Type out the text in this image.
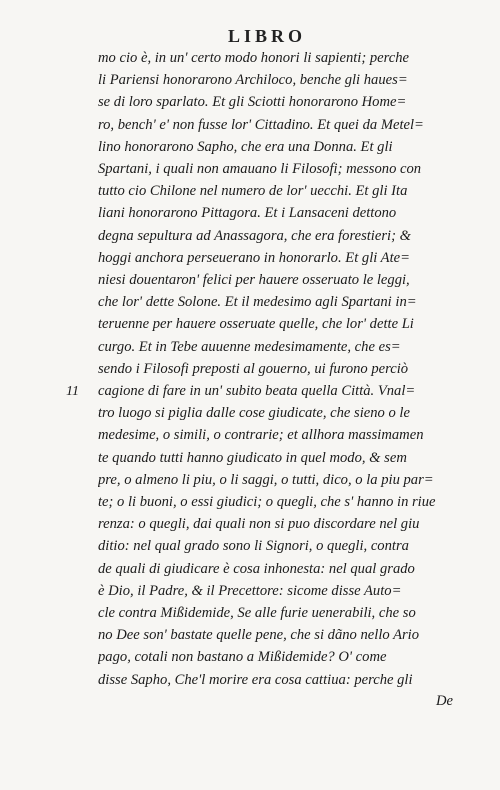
LIBRO
11
mo cio è, in un' certo modo honori li sapienti; perche
li Pariensi honorarono Archiloco, benche gli haues=
se di loro sparlato. Et gli Sciotti honorarono Home=
ro, bench' e' non fusse lor' Cittadino. Et quei da Metel=
lino honorarono Sapho, che era una Donna. Et gli
Spartani, i quali non amauano li Filosofi; messono con
tutto cio Chilone nel numero de lor' uecchi. Et gli Ita
liani honorarono Pittagora. Et i Lansaceni dettono
degna sepultura ad Anassagora, che era forestieri; &
hoggi anchora perseuerano in honorarlo. Et gli Ate=
niesi douentaron' felici per hauere osseruato le leggi,
che lor' dette Solone. Et il medesimo agli Spartani in=
teruenne per hauere osseruate quelle, che lor' dette Li
curgo. Et in Tebe auuenne medesimamente, che es=
sendo i Filosofi preposti al gouerno, ui furono perciò
cagione di fare in un' subito beata quella Città. Vnal=
tro luogo si piglia dalle cose giudicate, che sieno o le
medesime, o simili, o contrarie; et allhora massimamen
te quando tutti hanno giudicato in quel modo, & sem
pre, o almeno li piu, o li saggi, o tutti, dico, o la piu par=
te; o li buoni, o essi giudici; o quegli, che s' hanno in riue
renza: o quegli, dai quali non si puo discordare nel giu
ditio: nel qual grado sono li Signori, o quegli, contra
de quali di giudicare è cosa inhonesta: nel qual grado
è Dio, il Padre, & il Precettore: sicome disse Auto=
cle contra Mißidemide, Se alle furie uenerabili, che so
no Dee son' bastate quelle pene, che si dãno nello Ario
pago, cotali non bastano a Mißidemide? O' come
disse Sapho, Che'l morire era cosa cattiua: perche gli
De
